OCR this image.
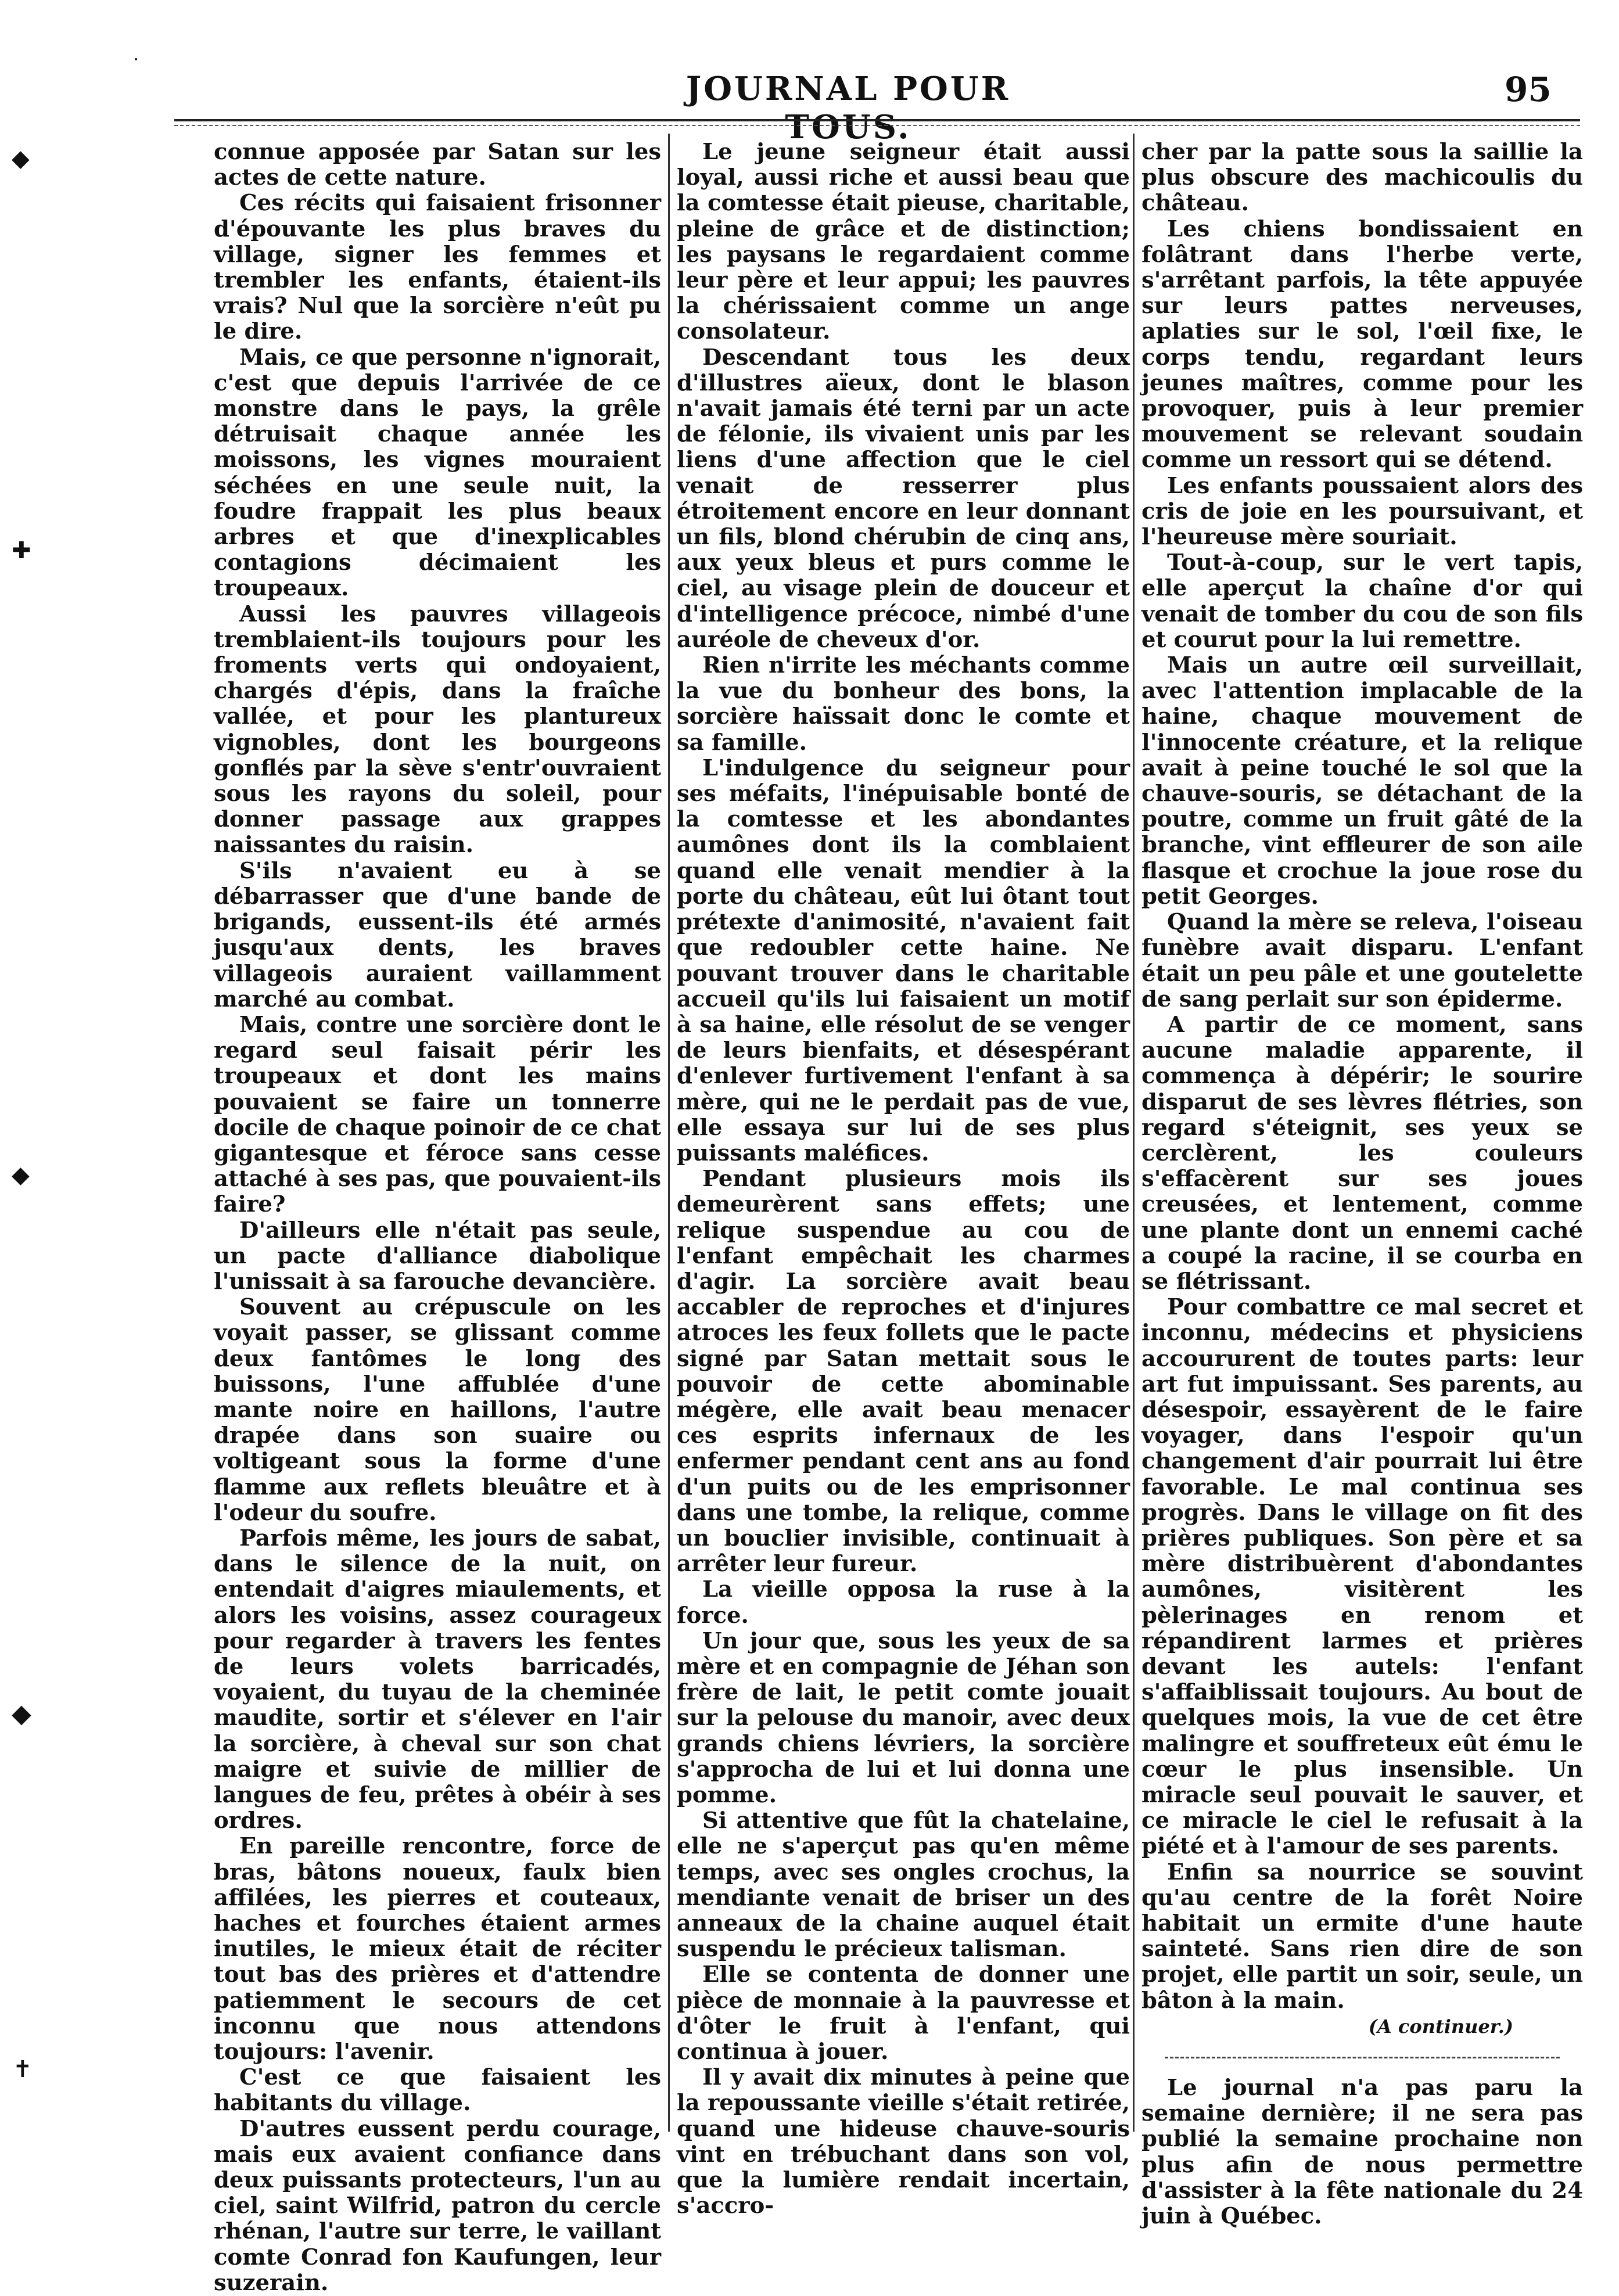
JOURNAL POUR TOUS.
95
•
◆
✚
◆
◆
✝

connue apposée par Satan sur les actes de cette nature.

Ces récits qui faisaient frisonner d'épouvante les plus braves du village, signer les femmes et trembler les enfants, étaient-ils vrais? Nul que la sorcière n'eût pu le dire.

Mais, ce que personne n'ignorait, c'est que depuis l'arrivée de ce monstre dans le pays, la grêle détruisait chaque année les moissons, les vignes mouraient séchées en une seule nuit, la foudre frappait les plus beaux arbres et que d'inexplicables contagions décimaient les troupeaux.

Aussi les pauvres villageois tremblaient-ils toujours pour les froments verts qui ondoyaient, chargés d'épis, dans la fraîche vallée, et pour les plantureux vignobles, dont les bourgeons gonflés par la sève s'entr'ouvraient sous les rayons du soleil, pour donner passage aux grappes naissantes du raisin.

S'ils n'avaient eu à se débarrasser que d'une bande de brigands, eussent-ils été armés jusqu'aux dents, les braves villageois auraient vaillamment marché au combat.

Mais, contre une sorcière dont le regard seul faisait périr les troupeaux et dont les mains pouvaient se faire un tonnerre docile de chaque poinoir de ce chat gigantesque et féroce sans cesse attaché à ses pas, que pouvaient-ils faire?

D'ailleurs elle n'était pas seule, un pacte d'alliance diabolique l'unissait à sa farouche devancière.

Souvent au crépuscule on les voyait passer, se glissant comme deux fantômes le long des buissons, l'une affublée d'une mante noire en haillons, l'autre drapée dans son suaire ou voltigeant sous la forme d'une flamme aux reflets bleuâtre et à l'odeur du soufre.

Parfois même, les jours de sabat, dans le silence de la nuit, on entendait d'aigres miaulements, et alors les voisins, assez courageux pour regarder à travers les fentes de leurs volets barricadés, voyaient, du tuyau de la cheminée maudite, sortir et s'élever en l'air la sorcière, à cheval sur son chat maigre et suivie de millier de langues de feu, prêtes à obéir à ses ordres.

En pareille rencontre, force de bras, bâtons noueux, faulx bien affilées, les pierres et couteaux, haches et fourches étaient armes inutiles, le mieux était de réciter tout bas des prières et d'attendre patiemment le secours de cet inconnu que nous attendons toujours: l'avenir.

C'est ce que faisaient les habitants du village.

D'autres eussent perdu courage, mais eux avaient confiance dans deux puissants protecteurs, l'un au ciel, saint Wilfrid, patron du cercle rhénan, l'autre sur terre, le vaillant comte Conrad fon Kaufungen, leur suzerain.

Le jeune seigneur était aussi loyal, aussi riche et aussi beau que la comtesse était pieuse, charitable, pleine de grâce et de distinction; les paysans le regardaient comme leur père et leur appui; les pauvres la chérissaient comme un ange consolateur.

Descendant tous les deux d'illustres aïeux, dont le blason n'avait jamais été terni par un acte de félonie, ils vivaient unis par les liens d'une affection que le ciel venait de resserrer plus étroitement encore en leur donnant un fils, blond chérubin de cinq ans, aux yeux bleus et purs comme le ciel, au visage plein de douceur et d'intelligence précoce, nimbé d'une auréole de cheveux d'or.

Rien n'irrite les méchants comme la vue du bonheur des bons, la sorcière haïssait donc le comte et sa famille.

L'indulgence du seigneur pour ses méfaits, l'inépuisable bonté de la comtesse et les abondantes aumônes dont ils la comblaient quand elle venait mendier à la porte du château, eût lui ôtant tout prétexte d'animosité, n'avaient fait que redoubler cette haine. Ne pouvant trouver dans le charitable accueil qu'ils lui faisaient un motif à sa haine, elle résolut de se venger de leurs bienfaits, et désespérant d'enlever furtivement l'enfant à sa mère, qui ne le perdait pas de vue, elle essaya sur lui de ses plus puissants maléfices.

Pendant plusieurs mois ils demeurèrent sans effets; une relique suspendue au cou de l'enfant empêchait les charmes d'agir. La sorcière avait beau accabler de reproches et d'injures atroces les feux follets que le pacte signé par Satan mettait sous le pouvoir de cette abominable mégère, elle avait beau menacer ces esprits infernaux de les enfermer pendant cent ans au fond d'un puits ou de les emprisonner dans une tombe, la relique, comme un bouclier invisible, continuait à arrêter leur fureur.

La vieille opposa la ruse à la force.

Un jour que, sous les yeux de sa mère et en compagnie de Jéhan son frère de lait, le petit comte jouait sur la pelouse du manoir, avec deux grands chiens lévriers, la sorcière s'approcha de lui et lui donna une pomme.

Si attentive que fût la chatelaine, elle ne s'aperçut pas qu'en même temps, avec ses ongles crochus, la mendiante venait de briser un des anneaux de la chaine auquel était suspendu le précieux talisman.

Elle se contenta de donner une pièce de monnaie à la pauvresse et d'ôter le fruit à l'enfant, qui continua à jouer.

Il y avait dix minutes à peine que la repoussante vieille s'était retirée, quand une hideuse chauve-souris vint en trébuchant dans son vol, que la lumière rendait incertain, s'accro-

cher par la patte sous la saillie la plus obscure des machicoulis du château.

Les chiens bondissaient en folâtrant dans l'herbe verte, s'arrêtant parfois, la tête appuyée sur leurs pattes nerveuses, aplaties sur le sol, l'œil fixe, le corps tendu, regardant leurs jeunes maîtres, comme pour les provoquer, puis à leur premier mouvement se relevant soudain comme un ressort qui se détend.

Les enfants poussaient alors des cris de joie en les poursuivant, et l'heureuse mère souriait.

Tout-à-coup, sur le vert tapis, elle aperçut la chaîne d'or qui venait de tomber du cou de son fils et courut pour la lui remettre.

Mais un autre œil surveillait, avec l'attention implacable de la haine, chaque mouvement de l'innocente créature, et la relique avait à peine touché le sol que la chauve-souris, se détachant de la poutre, comme un fruit gâté de la branche, vint effleurer de son aile flasque et crochue la joue rose du petit Georges.

Quand la mère se releva, l'oiseau funèbre avait disparu. L'enfant était un peu pâle et une goutelette de sang perlait sur son épiderme.

A partir de ce moment, sans aucune maladie apparente, il commença à dépérir; le sourire disparut de ses lèvres flétries, son regard s'éteignit, ses yeux se cerclèrent, les couleurs s'effacèrent sur ses joues creusées, et lentement, comme une plante dont un ennemi caché a coupé la racine, il se courba en se flétrissant.

Pour combattre ce mal secret et inconnu, médecins et physiciens accoururent de toutes parts: leur art fut impuissant. Ses parents, au désespoir, essayèrent de le faire voyager, dans l'espoir qu'un changement d'air pourrait lui être favorable. Le mal continua ses progrès. Dans le village on fit des prières publiques. Son père et sa mère distribuèrent d'abondantes aumônes, visitèrent les pèlerinages en renom et répandirent larmes et prières devant les autels: l'enfant s'affaiblissait toujours. Au bout de quelques mois, la vue de cet être malingre et souffreteux eût ému le cœur le plus insensible. Un miracle seul pouvait le sauver, et ce miracle le ciel le refusait à la piété et à l'amour de ses parents.

Enfin sa nourrice se souvint qu'au centre de la forêt Noire habitait un ermite d'une haute sainteté. Sans rien dire de son projet, elle partit un soir, seule, un bâton à la main.

(A continuer.)

Le journal n'a pas paru la semaine dernière; il ne sera pas publié la semaine prochaine non plus afin de nous permettre d'assister à la fête nationale du 24 juin à Québec.
